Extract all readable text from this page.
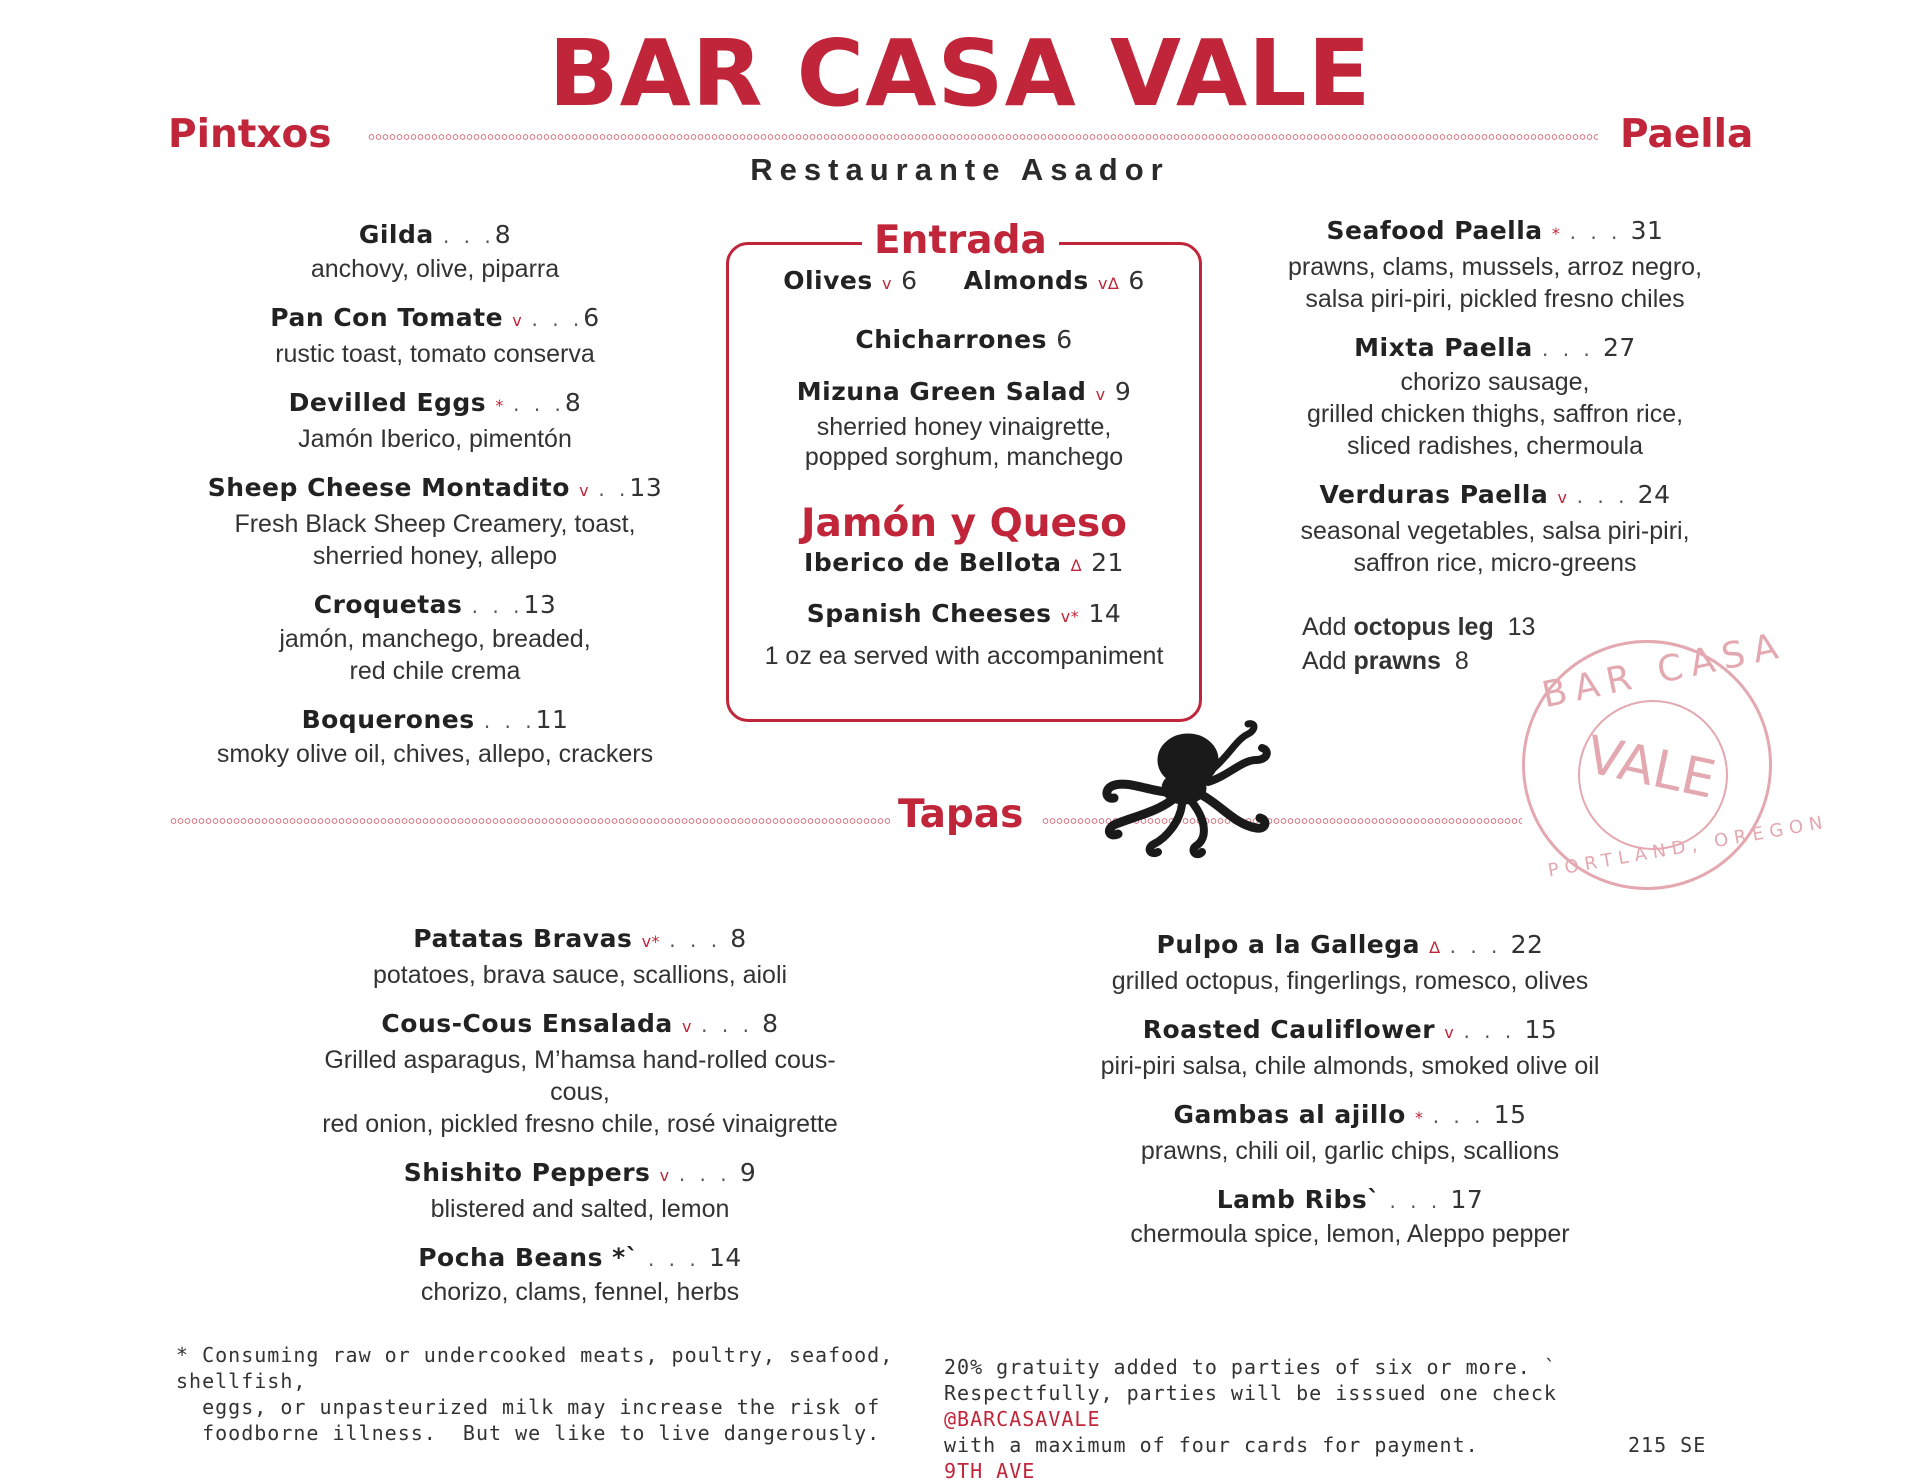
BAR CASA VALE
Restaurante Asador
Pintxos	Paella
Gilda . . .8
anchovy, olive, piparra
Pan Con Tomate v . . .6
rustic toast, tomato conserva
Devilled Eggs * . . .8
Jamón Iberico, pimentón
Sheep Cheese Montadito v . .13
Fresh Black Sheep Creamery, toast,
sherried honey, allepo
Croquetas . . .13
jamón, manchego, breaded,
red chile crema
Boquerones . . .11
smoky olive oil, chives, allepo, crackers
Entrada
Olives v 6 Almonds v∆ 6
Chicharrones 6
Mizuna Green Salad v 9
sherried honey vinaigrette,
popped sorghum, manchego
Jamón y Queso
Iberico de Bellota ∆ 21
Spanish Cheeses v* 14
1 oz ea served with accompaniment
Seafood Paella * . . . 31
prawns, clams, mussels, arroz negro,
salsa piri-piri, pickled fresno chiles
Mixta Paella . . . 27
chorizo sausage,
grilled chicken thighs, saffron rice,
sliced radishes, chermoula
Verduras Paella v . . . 24
seasonal vegetables, salsa piri-piri,
saffron rice, micro-greens
Add octopus leg 13
Add prawns 8	BAR CASA
VALE
PORTLAND, OREGON
Tapas
Patatas Bravas v* . . . 8
potatoes, brava sauce, scallions, aioli
Cous-Cous Ensalada v . . . 8
Grilled asparagus, M’hamsa hand-rolled cous-cous,
red onion, pickled fresno chile, rosé vinaigrette
Shishito Peppers v . . . 9
blistered and salted, lemon
Pocha Beans *` . . . 14
chorizo, clams, fennel, herbs
Pulpo a la Gallega ∆ . . . 22
grilled octopus, fingerlings, romesco, olives
Roasted Cauliflower v . . . 15
piri-piri salsa, chile almonds, smoked olive oil
Gambas al ajillo * . . . 15
prawns, chili oil, garlic chips, scallions
Lamb Ribs` . . . 17
chermoula spice, lemon, Aleppo pepper
* Consuming raw or undercooked meats, poultry, seafood,
shellfish,
eggs, or unpasteurized milk may increase the risk of
foodborne illness.  But we like to live dangerously.
20% gratuity added to parties of six or more. `
Respectfully, parties will be isssued one check
@BARCASAVALE
with a maximum of four cards for payment.
9TH AVE
215 SE
